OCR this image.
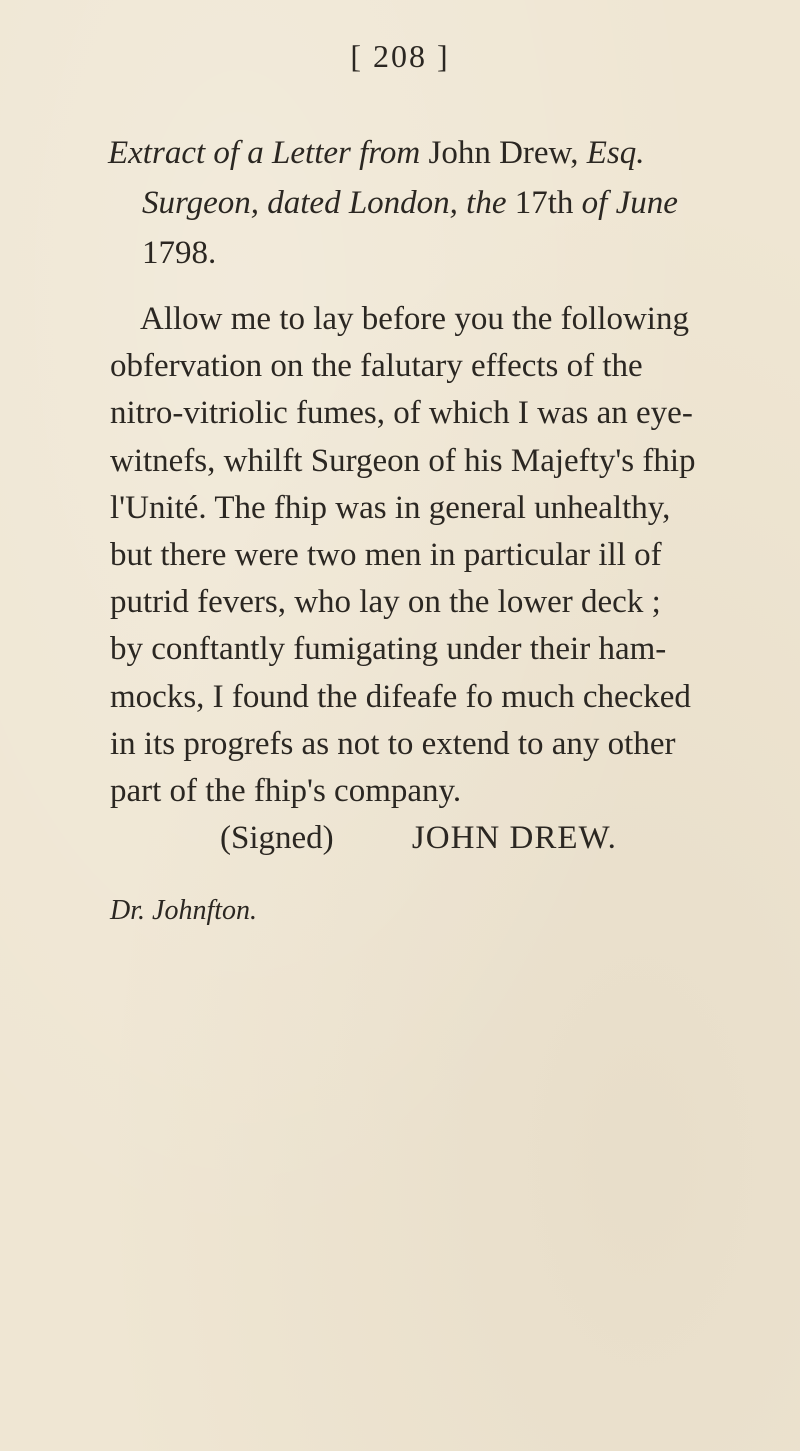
[ 208 ]
Extract of a Letter from John Drew, Esq.
Surgeon, dated London, the 17th of June
1798.
Allow me to lay before you the following
obfervation on the falutary effects of the
nitro-vitriolic fumes, of which I was an eye-
witnefs, whilft Surgeon of his Majefty's fhip
l'Unité. The fhip was in general unhealthy,
but there were two men in particular ill of
putrid fevers, who lay on the lower deck ;
by conftantly fumigating under their ham-
mocks, I found the difeafe fo much checked
in its progrefs as not to extend to any other
part of the fhip's company.
(Signed) JOHN DREW.
Dr. Johnfton.
